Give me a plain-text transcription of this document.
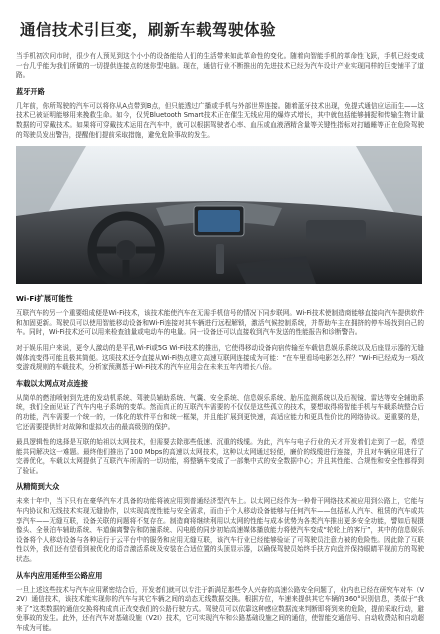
通信技术引巨变，刷新车载驾驶体验

当手机初次问市时，很少有人预见到这个小小的设备能给人们的生活带来如此革命性的变化。随着向智能手机的革命性飞跃，手机已经变成一台几乎能为我们所做的一切提供连接点的迷你型电脑。现在，通信行业不断推出的先进技术已经为汽车设计产业实现同样的巨变铺平了道路。

蓝牙开路

几年前，你所驾驶的汽车可以将你从A点带到B点，但只能透过广播或手机与外部世界连接。随着蓝牙技术出现，免提式通信应运而生——这技术已被证明能够用来挽救生命。如今，仅凭Bluetooth Smart技术正在催生无线应用的爆炸式增长，其中就包括能够捕捉和传输生物计量数据的可穿戴技术。如果将可穿戴技术运用在汽车中，就可以根据驾驶者心率、血压或血液酒精含量等关键性指标对打瞌睡等正在危险驾驶的驾驶员发出警告，提醒他们提前采取措施，避免危险事故的发生。

Wi-Fi扩展可能性

互联汽车的另一个重要组成便是Wi-Fi技术，该技术能使汽车在无需手机信号的情况下同步联网。Wi-Fi技术使制造商能够直接向汽车提供软件和加固更新。驾驶员可以使用智能移动设备和Wi-Fi连接对其车辆进行远程解锁，激活气候控制系统，并帮助车主在拥挤的停车场找到自己的车。同时，Wi-Fi技术还可以用来检查油量或电动车的电量。同一设备还可以直接收到汽车发送的性能报告和诊断警告。

对于娱乐用户来说，更令人激动的是平孔Wi-Fi或5G Wi-Fi技术的推出，它使得移动设备向宿传输至车载信息娱乐系统以及后座显示器的无缝媒体流变得可能且极其简便。这项技术还令直接从Wi-Fi热点建立高速互联网连接成为可能：“在车里看场电影怎么样？”Wi-Fi已经成为一项改变游戏规则的车载技术，分析家预测基于Wi-Fi技术的汽车应用会在未来五年内增长八倍。

车载以太网点对点连接

从简单的燃油喷射到先进的发动机系统、驾驶员辅助系统、气囊、安全系统、信息娱乐系统、胎压监测系统以及后视镜、雷达等安全辅助系统，我们全面见证了汽车内电子系统的变革。然而真正的互联汽车需要的不仅仅是这些孤立的技术，要想取得将智能手机与车载系统整合后的功能，汽车需要一个统一的，一体化的软件平台和统一框架，并且能扩展到更快速，高适应能力和更具性价比的网络协议。更重要的是，它还需要提供针对故障和虚拟攻击的最高级别的保护。

最具逻辑性的选择是互联的始祖以太网技术，但需要去除那些低速、沉重的线缆。为此，汽车与电子行业的天才开发着们走到了一起，希望能共同解决这一难题。最终他们推出了100 Mbps的高速以太网技术，这种以太网通过轻便，廉价的线缆进行连接，并且对车辆应用进行了完善优化，车载以太网提供了互联汽车所需的一切功能，将整辆车变成了一部集中式的安全数据中心；并且其性能、合规性和安全性都得到了验证。

从精简到大众

未来十年中，当下只有在豪华汽车才具备的功能将被应用到普通经济型汽车上。以太网已经作为一种骨干网络技术被应用到公路上，它能与车内协议和无线技术实现无缝协作，以实现高度性能与安全需求，而由于个人移动设备能够与任何汽车——包括私人汽车、租赁的汽车或共享汽车——无缝互联，设备关联的问题将不复存在。制造商将继续利用以太网的性能与成本优势为各类汽车推出更多安全功能，譬如后视摄像头、全景泊车辅助系统、车道偏离警告和防撞系统、闪电般的同步初始高速媒体播放能力将使汽车变成“轮轮上的客厅”，其中的信息娱乐设备将个人移动设备与各种运行于云平台中的服务和应用无缝互联，该汽车行业已经能够验证了可驾驶员注意力被的危险性。因此除了互联性以外，我们还有望看到被优化的语音激活系统及安装在合适位置的头顶显示器，以确保驾驶员始终手扶方向盘并保持眼睛平视前方的驾驶状态。

从车内应用延伸至公路应用

一旦上述这些技术与汽车应用紧密结合后，开发者们就可以专注于新满足那些令人兴奋的高速公路安全问题了，业内也已经在研究车对车（V2V）通信技术，该技术能实现你的汽车与其它车辆之间的动态无线数据交换。根据方位，车速来提供其它车辆的360°识别信息，类似于“我来了”这类数据的通信交换将构成真正改变我们的公路行驶方式。驾驶员可以依靠这种感应数据流来判断即将到来的危险，提前采取行动，避免事故的发生。此外，还有汽车对基础设施（V2I）技术，它可实现汽车和公路基础设施之间的通信，使智能交通信号、自动收费站和自动超车成为可能。
